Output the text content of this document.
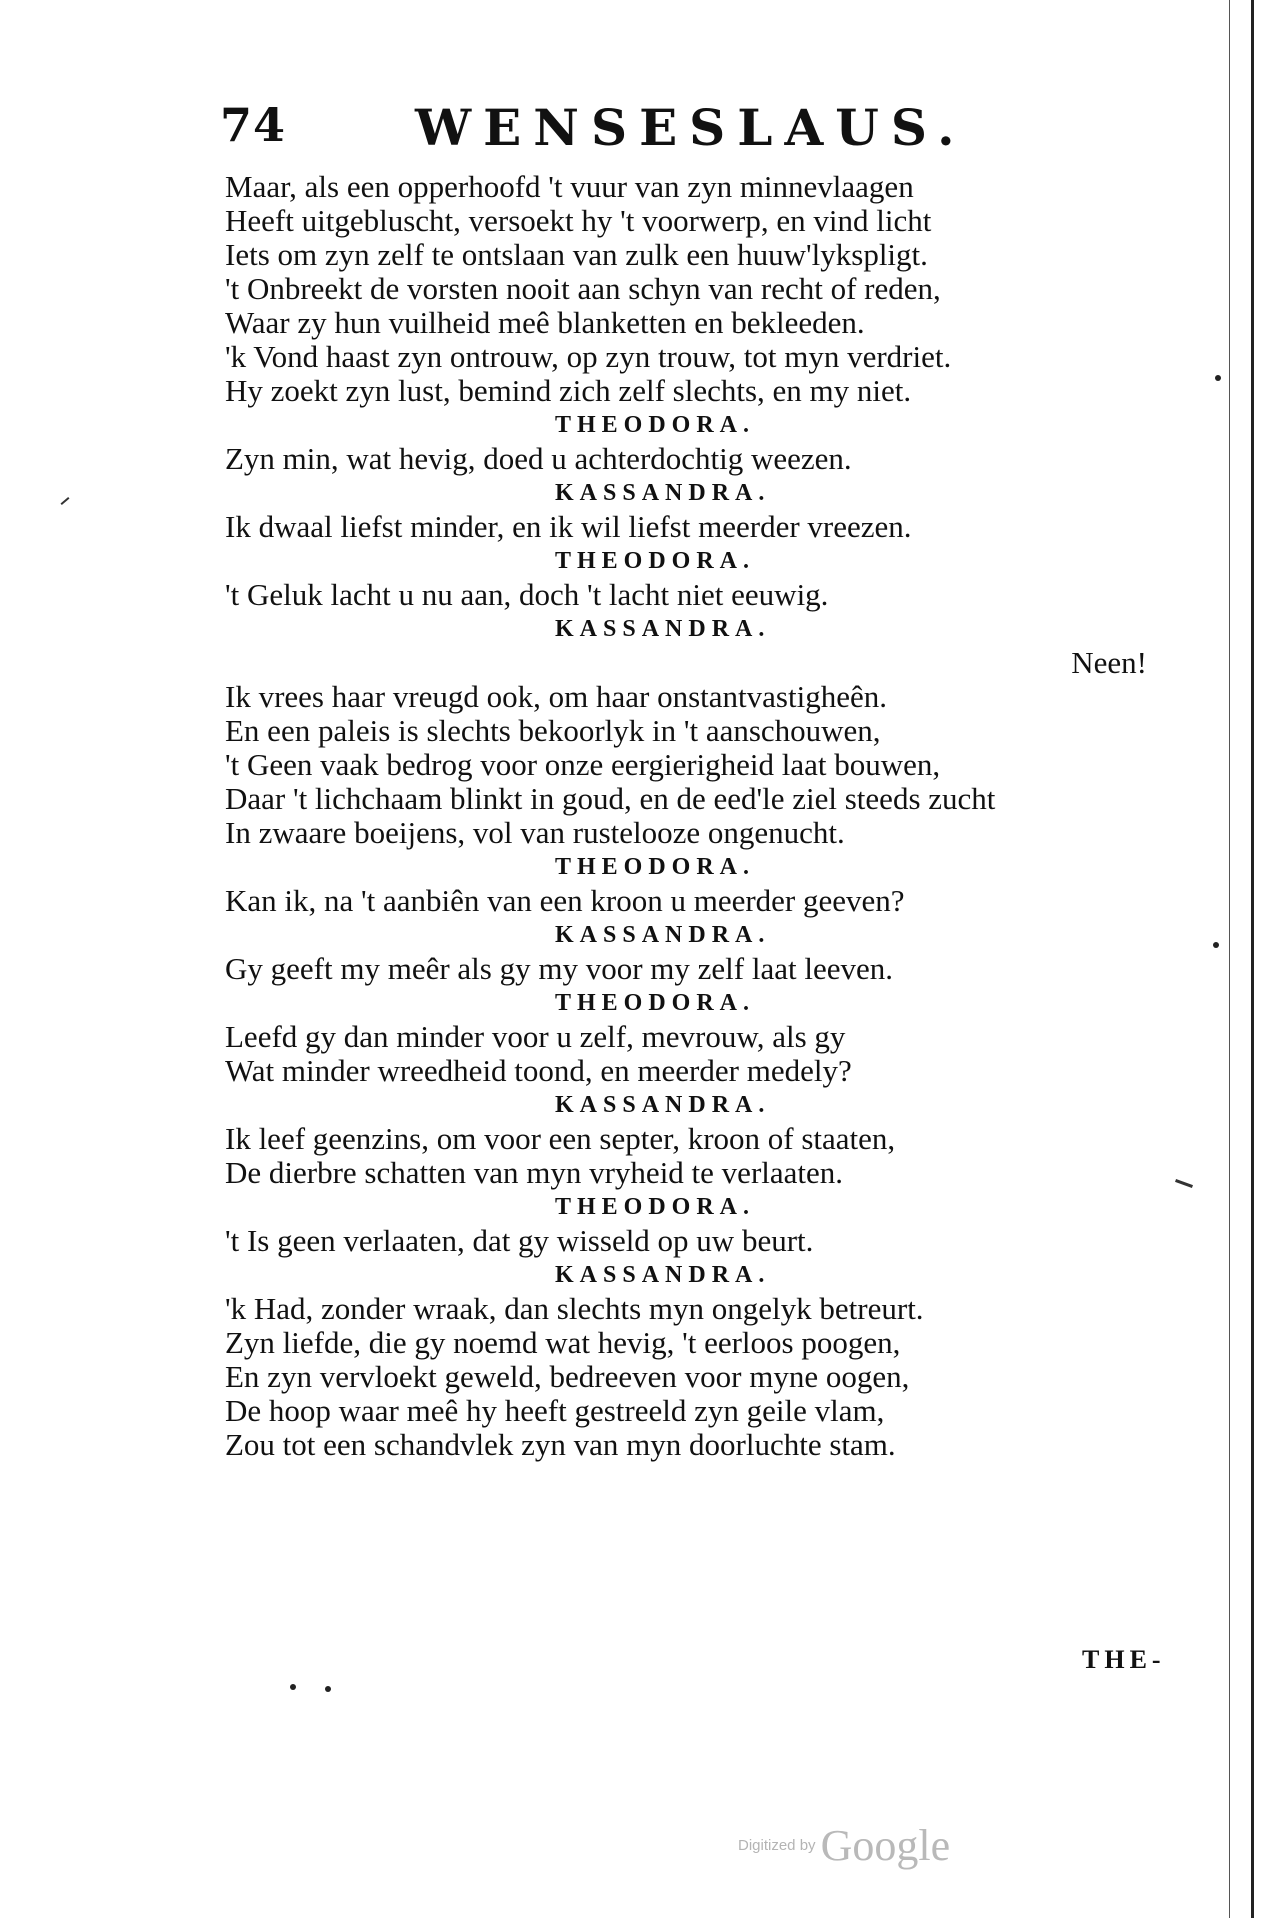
74	WENSESLAUS.
Maar, als een opperhoofd 't vuur van zyn minnevlaagen
Heeft uitgebluscht, versoekt hy 't voorwerp, en vind licht
Iets om zyn zelf te ontslaan van zulk een huuw'lykspligt.
't Onbreekt de vorsten nooit aan schyn van recht of reden,
Waar zy hun vuilheid meê blanketten en bekleeden.
'k Vond haast zyn ontrouw, op zyn trouw, tot myn verdriet.
Hy zoekt zyn lust, bemind zich zelf slechts, en my niet.
THEODORA.
Zyn min, wat hevig, doed u achterdochtig weezen.
KASSANDRA.
Ik dwaal liefst minder, en ik wil liefst meerder vreezen.
THEODORA.
't Geluk lacht u nu aan, doch 't lacht niet eeuwig.
KASSANDRA.
Neen!
Ik vrees haar vreugd ook, om haar onstantvastigheên.
En een paleis is slechts bekoorlyk in 't aanschouwen,
't Geen vaak bedrog voor onze eergierigheid laat bouwen,
Daar 't lichchaam blinkt in goud, en de eed'le ziel steeds zucht
In zwaare boeijens, vol van rustelooze ongenucht.
THEODORA.
Kan ik, na 't aanbiên van een kroon u meerder geeven?
KASSANDRA.
Gy geeft my meêr als gy my voor my zelf laat leeven.
THEODORA.
Leefd gy dan minder voor u zelf, mevrouw, als gy
Wat minder wreedheid toond, en meerder medely?
KASSANDRA.
Ik leef geenzins, om voor een septer, kroon of staaten,
De dierbre schatten van myn vryheid te verlaaten.
THEODORA.
't Is geen verlaaten, dat gy wisseld op uw beurt.
KASSANDRA.
'k Had, zonder wraak, dan slechts myn ongelyk betreurt.
Zyn liefde, die gy noemd wat hevig, 't eerloos poogen,
En zyn vervloekt geweld, bedreeven voor myne oogen,
De hoop waar meê hy heeft gestreeld zyn geile vlam,
Zou tot een schandvlek zyn van myn doorluchte stam.
THE-
Digitized by Google
